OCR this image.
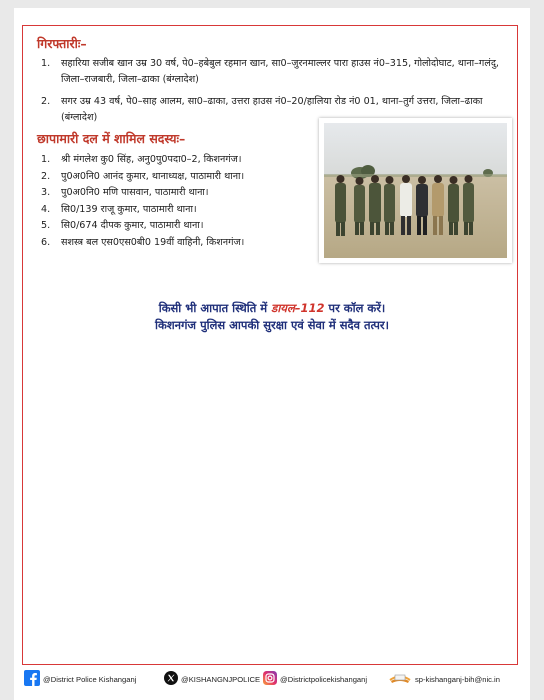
गिरफ्तारीः–
1. सहारिया सजीब खान उम्र 30 वर्ष, पे0–हबेबुल रहमान खान, सा0–जुरनमाल्लर पारा हाउस नं0–315, गोलोदोघाट, थाना–गलंदु, जिला–राजबारी, जिला–ढाका (बंग्लादेश)
2. सगर उम्र 43 वर्ष, पे0–साह आलम, सा0–ढाका, उत्तरा हाउस नं0–20/हालिया रोड नं0 01, थाना–तुर्ग उत्तरा, जिला–ढाका (बंग्लादेश)
छापामारी दल में शामिल सदस्यः–
1. श्री मंगलेश कु0 सिंह, अनु0पु0पदा0–2, किशनगंज।
2. पु0अ0नि0 आनंद कुमार, थानाध्यक्ष, पाठामारी थाना।
3. पु0अ0नि0 मणि पासवान, पाठामारी थाना।
4. सि0/139 राजू कुमार, पाठामारी थाना।
5. सि0/674 दीपक कुमार, पाठामारी थाना।
6. सशस्त्र बल एस0एस0बी0 19वीं वाहिनी, किशनगंज।

किसी भी आपात स्थिति में डायल–112 पर कॉल करें।

किशनगंज पुलिस आपकी सुरक्षा एवं सेवा में सदैव तत्पर।

@District Police Kishanganj	@KISHANGNJPOLICE	@Districtpolicekishanganj	sp-kishanganj-bih@nic.in
